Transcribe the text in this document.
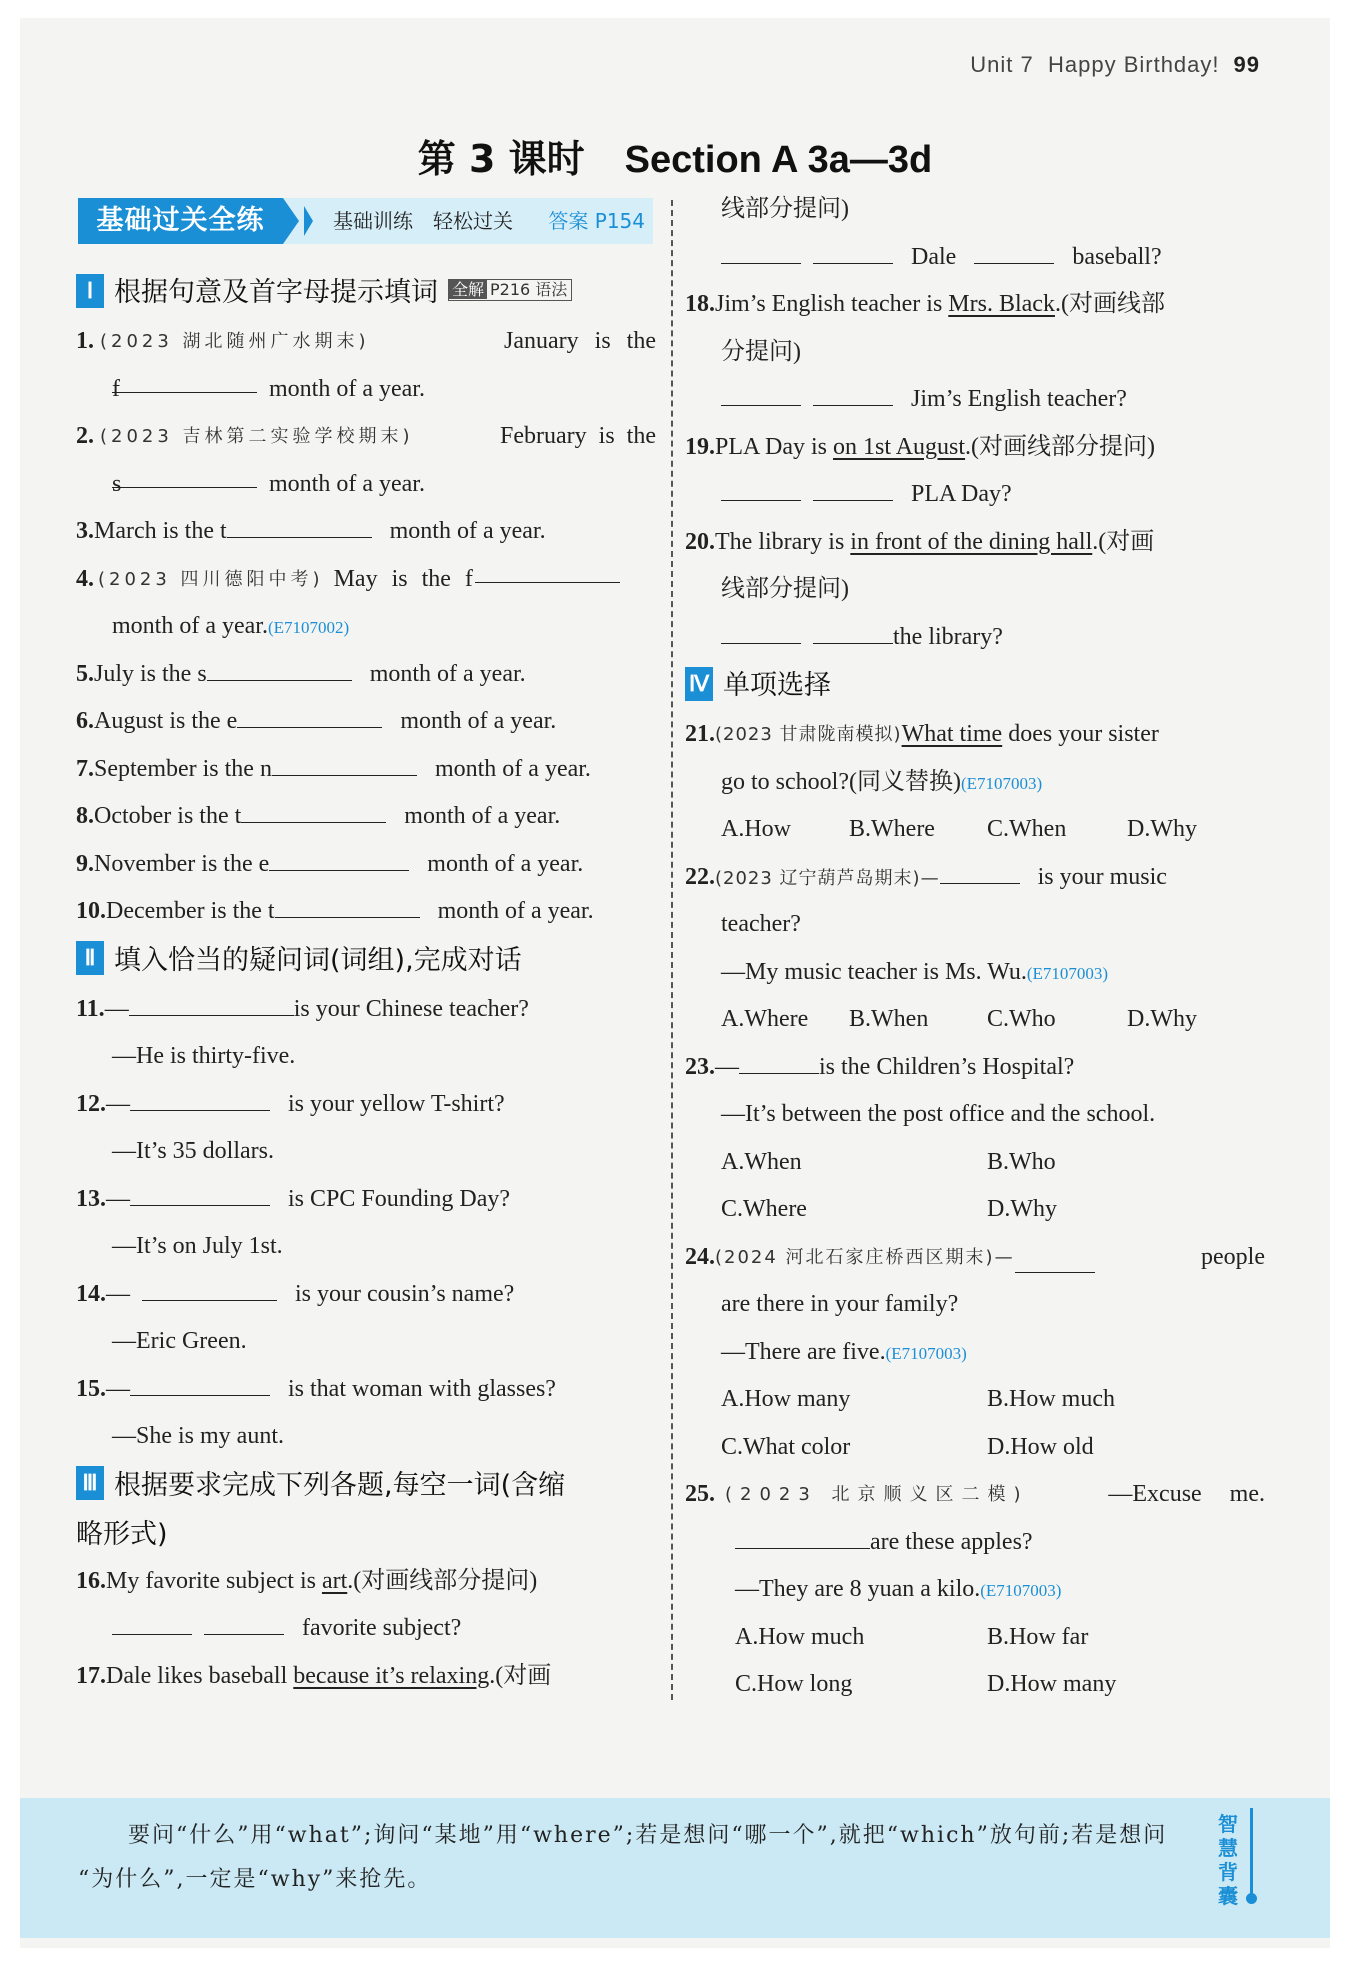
Unit 7 Happy Birthday! 99
第 3 课时 Section A 3a—3d
基础过关全练	基础训练 轻松过关	答案 P154
Ⅰ 根据句意及首字母提示填词 全解 P216 语法
1. (2023 湖北随州广水期末)	January is the
f	month of a year.
2. (2023 吉林第二实验学校期末)	February is the
s	month of a year.
3.March is the t	month of a year.
4. (2023 四川德阳中考) May is the f
month of a year.(E7107002)
5.July is the s	month of a year.
6.August is the e	month of a year.
7.September is the n	month of a year.
8.October is the t	month of a year.
9.November is the e	month of a year.
10.December is the t	month of a year.
Ⅱ 填入恰当的疑问词(词组),完成对话
11.—	is your Chinese teacher?
—He is thirty-five.
12.—	is your yellow T-shirt?
—It’s 35 dollars.
13.—	is CPC Founding Day?
—It’s on July 1st.
14.—	is your cousin’s name?
—Eric Green.
15.—	is that woman with glasses?
—She is my aunt.
Ⅲ 根据要求完成下列各题,每空一词(含缩
略形式)
16.My favorite subject is art.(对画线部分提问)
favorite subject?
17.Dale likes baseball because it’s relaxing.(对画
线部分提问)
Dale	baseball?
18.Jim’s English teacher is Mrs. Black.(对画线部
分提问)
Jim’s English teacher?
19.PLA Day is on 1st August.(对画线部分提问)
PLA Day?
20.The library is in front of the dining hall.(对画
线部分提问)
the library?
Ⅳ 单项选择
21. (2023 甘肃陇南模拟) What time does your sister
go to school?(同义替换)(E7107003)
A.How	B.Where	C.When	D.Why
22.(2023 辽宁葫芦岛期末)—	is your music
teacher?
—My music teacher is Ms. Wu.(E7107003)
A.Where	B.When	C.Who	D.Why
23.—	is the Children’s Hospital?
—It’s between the post office and the school.
A.When	B.Who
C.Where	D.Why
24. (2024 河北石家庄桥西区期末)—	people
are there in your family?
—There are five.(E7107003)
A.How many	B.How much
C.What color	D.How old
25. (2023 北京顺义区二模)	—Excuse me.
are these apples?
—They are 8 yuan a kilo.(E7107003)
A.How much	B.How far
C.How long	D.How many
要问“什么”用“what”;询问“某地”用“where”;若是想问“哪一个”,就把“which”放句前;若是想问
“为什么”,一定是“why”来抢先。
智慧背囊
